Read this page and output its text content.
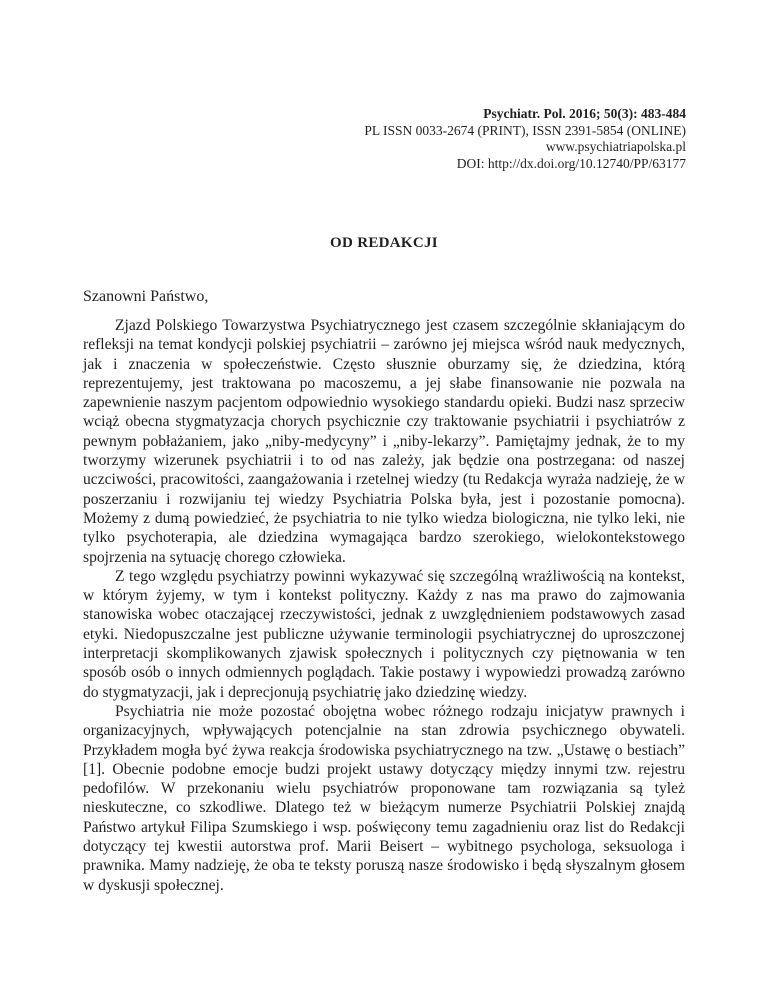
Psychiatr. Pol. 2016; 50(3): 483-484
PL ISSN 0033-2674 (PRINT), ISSN 2391-5854 (ONLINE)
www.psychiatriapolska.pl
DOI: http://dx.doi.org/10.12740/PP/63177
OD REDAKCJI
Szanowni Państwo,

Zjazd Polskiego Towarzystwa Psychiatrycznego jest czasem szczególnie skłaniającym do refleksji na temat kondycji polskiej psychiatrii – zarówno jej miejsca wśród nauk medycznych, jak i znaczenia w społeczeństwie. Często słusznie oburzamy się, że dziedzina, którą reprezentujemy, jest traktowana po macoszemu, a jej słabe finansowanie nie pozwala na zapewnienie naszym pacjentom odpowiednio wysokiego standardu opieki. Budzi nasz sprzeciw wciąż obecna stygmatyzacja chorych psychicznie czy traktowanie psychiatrii i psychiatrów z pewnym pobłażaniem, jako „niby-medycyny” i „niby-lekarzy”. Pamiętajmy jednak, że to my tworzymy wizerunek psychiatrii i to od nas zależy, jak będzie ona postrzegana: od naszej uczciwości, pracowitości, zaangażowania i rzetelnej wiedzy (tu Redakcja wyraża nadzieję, że w poszerzaniu i rozwijaniu tej wiedzy Psychiatria Polska była, jest i pozostanie pomocna). Możemy z dumą powiedzieć, że psychiatria to nie tylko wiedza biologiczna, nie tylko leki, nie tylko psychoterapia, ale dziedzina wymagająca bardzo szerokiego, wielokontekstowego spojrzenia na sytuację chorego człowieka.

Z tego względu psychiatrzy powinni wykazywać się szczególną wrażliwością na kontekst, w którym żyjemy, w tym i kontekst polityczny. Każdy z nas ma prawo do zajmowania stanowiska wobec otaczającej rzeczywistości, jednak z uwzględnieniem podstawowych zasad etyki. Niedopuszczalne jest publiczne używanie terminologii psychiatrycznej do uproszczonej interpretacji skomplikowanych zjawisk społecznych i politycznych czy piętnowania w ten sposób osób o innych odmiennych poglądach. Takie postawy i wypowiedzi prowadzą zarówno do stygmatyzacji, jak i deprecjonują psychiatrię jako dziedzinę wiedzy.

Psychiatria nie może pozostać obojętna wobec różnego rodzaju inicjatyw prawnych i organizacyjnych, wpływających potencjalnie na stan zdrowia psychicznego obywateli. Przykładem mogła być żywa reakcja środowiska psychiatrycznego na tzw. „Ustawę o bestiach” [1]. Obecnie podobne emocje budzi projekt ustawy dotyczący między innymi tzw. rejestru pedofilów. W przekonaniu wielu psychiatrów proponowane tam rozwiązania są tyleż nieskuteczne, co szkodliwe. Dlatego też w bieżącym numerze Psychiatrii Polskiej znajdą Państwo artykuł Filipa Szumskiego i wsp. poświęcony temu zagadnieniu oraz list do Redakcji dotyczący tej kwestii autorstwa prof. Marii Beisert – wybitnego psychologa, seksuologa i prawnika. Mamy nadzieję, że oba te teksty poruszą nasze środowisko i będą słyszalnym głosem w dyskusji społecznej.
